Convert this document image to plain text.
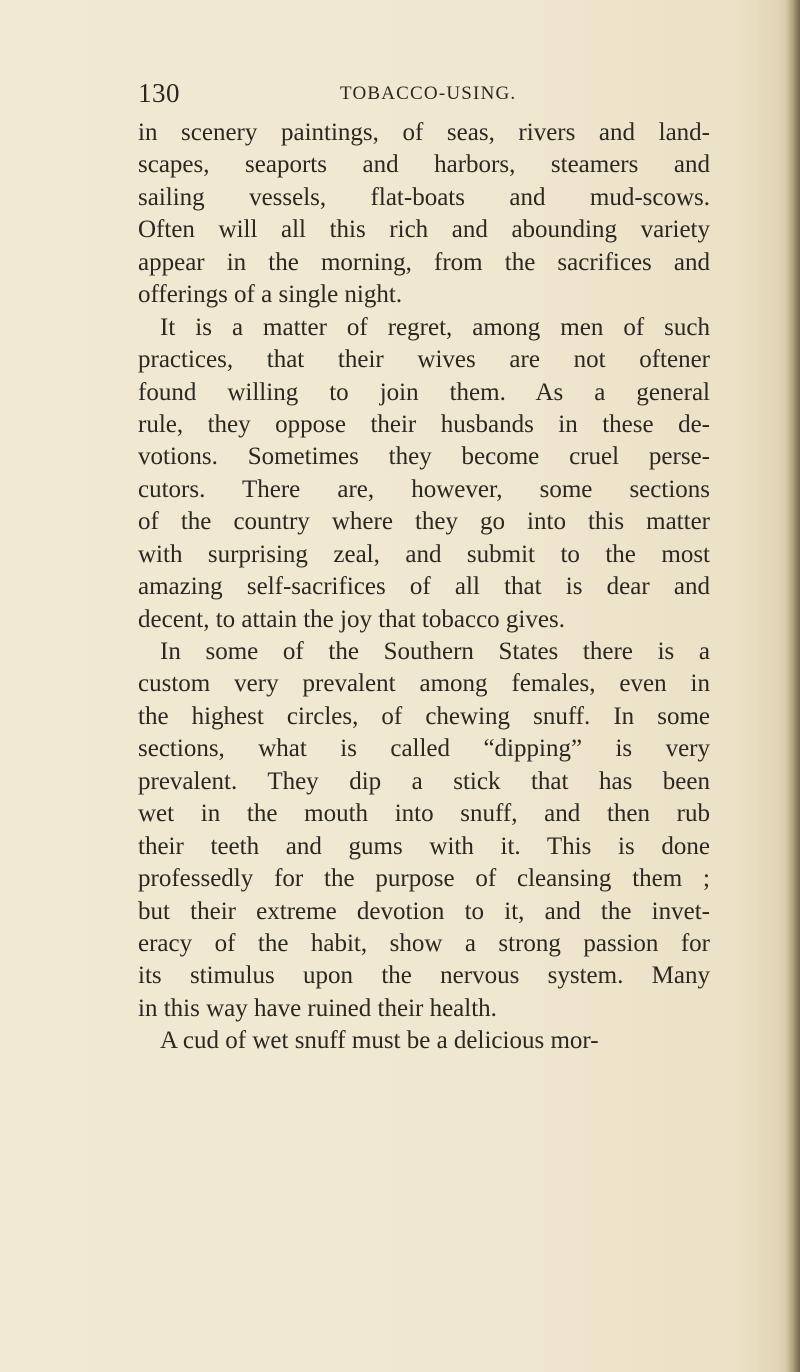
130	TOBACCO-USING.
in scenery paintings, of seas, rivers and land-
scapes, seaports and harbors, steamers and
sailing vessels, flat-boats and mud-scows.
Often will all this rich and abounding variety
appear in the morning, from the sacrifices and
offerings of a single night.
It is a matter of regret, among men of such
practices, that their wives are not oftener
found willing to join them. As a general
rule, they oppose their husbands in these de-
votions. Sometimes they become cruel perse-
cutors. There are, however, some sections
of the country where they go into this matter
with surprising zeal, and submit to the most
amazing self-sacrifices of all that is dear and
decent, to attain the joy that tobacco gives.
In some of the Southern States there is a
custom very prevalent among females, even in
the highest circles, of chewing snuff. In some
sections, what is called “dipping” is very
prevalent. They dip a stick that has been
wet in the mouth into snuff, and then rub
their teeth and gums with it. This is done
professedly for the purpose of cleansing them ;
but their extreme devotion to it, and the invet-
eracy of the habit, show a strong passion for
its stimulus upon the nervous system. Many
in this way have ruined their health.
A cud of wet snuff must be a delicious mor-
